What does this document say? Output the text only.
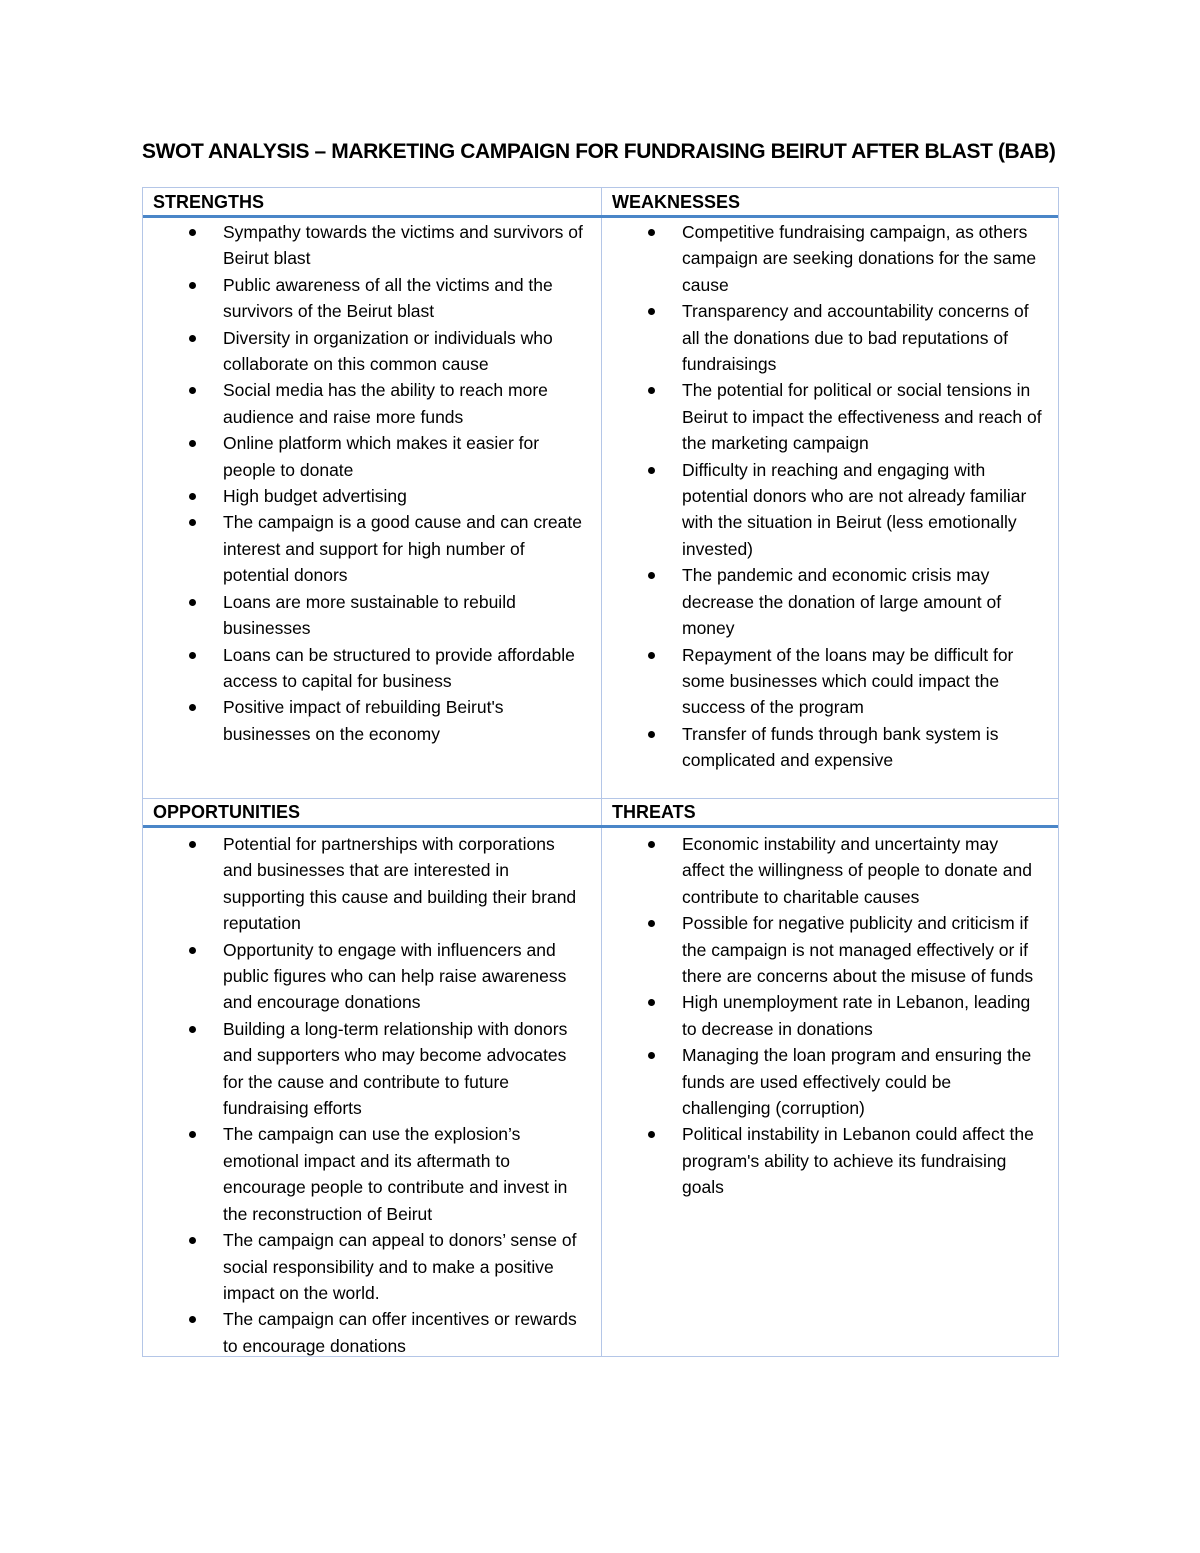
SWOT ANALYSIS – MARKETING CAMPAIGN FOR FUNDRAISING BEIRUT AFTER BLAST (BAB)
STRENGTHS	WEAKNESSES
OPPORTUNITIES	THREATS
Sympathy towards the victims and survivors of Beirut blast
Public awareness of all the victims and the survivors of the Beirut blast
Diversity in organization or individuals who collaborate on this common cause
Social media has the ability to reach more audience and raise more funds
Online platform which makes it easier for people to donate
High budget advertising
The campaign is a good cause and can create interest and support for high number of potential donors
Loans are more sustainable to rebuild businesses
Loans can be structured to provide affordable access to capital for business
Positive impact of rebuilding Beirut's businesses on the economy
Competitive fundraising campaign, as others campaign are seeking donations for the same cause
Transparency and accountability concerns of all the donations due to bad reputations of fundraisings
The potential for political or social tensions in Beirut to impact the effectiveness and reach of the marketing campaign
Difficulty in reaching and engaging with potential donors who are not already familiar with the situation in Beirut (less emotionally invested)
The pandemic and economic crisis may decrease the donation of large amount of money
Repayment of the loans may be difficult for some businesses which could impact the success of the program
Transfer of funds through bank system is complicated and expensive
Potential for partnerships with corporations and businesses that are interested in supporting this cause and building their brand reputation
Opportunity to engage with influencers and public figures who can help raise awareness and encourage donations
Building a long-term relationship with donors and supporters who may become advocates for the cause and contribute to future fundraising efforts
The campaign can use the explosion’s emotional impact and its aftermath to encourage people to contribute and invest in the reconstruction of Beirut
The campaign can appeal to donors’ sense of social responsibility and to make a positive impact on the world.
The campaign can offer incentives or rewards to encourage donations
Economic instability and uncertainty may affect the willingness of people to donate and contribute to charitable causes
Possible for negative publicity and criticism if the campaign is not managed effectively or if there are concerns about the misuse of funds
High unemployment rate in Lebanon, leading to decrease in donations
Managing the loan program and ensuring the funds are used effectively could be challenging (corruption)
Political instability in Lebanon could affect the program's ability to achieve its fundraising goals
